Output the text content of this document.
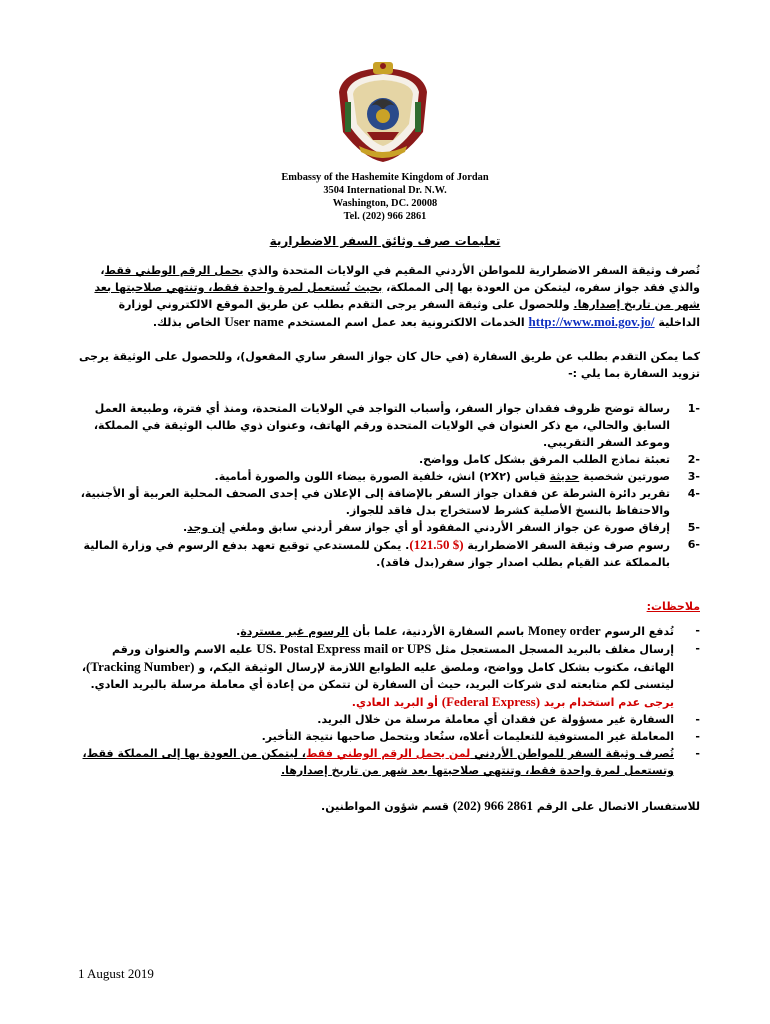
Embassy of the Hashemite Kingdom of Jordan
3504 International Dr. N.W.
Washington, DC. 20008
Tel. (202) 966 2861
تعليمات صرف وثائق السفر الاضطرارية
تُصرف وثيقة السفر الاضطرارية للمواطن الأردني المقيم في الولايات المتحدة والذي يحمل الرقم الوطني فقط، والذي فقد جواز سفره، ليتمكن من العودة بها إلى المملكة، بحيث تُستعمل لمرة واحدة فقط، وتنتهي صلاحيتها بعد شهر من تاريخ إصدارها. وللحصول على وثيقة السفر يرجى التقدم بطلب عن طريق الموقع الالكتروني لوزارة الداخلية http://www.moi.gov.jo/ الخدمات الالكترونية بعد عمل اسم المستخدم User name الخاص بذلك.
كما يمكن التقدم بطلب عن طريق السفارة (في حال كان جواز السفر ساري المفعول)، وللحصول على الوثيقة يرجى تزويد السفارة بما يلي :-
-1
رسالة توضح ظروف فقدان جواز السفر، وأسباب التواجد في الولايات المتحدة، ومنذ أي فترة، وطبيعة العمل السابق والحالي، مع ذكر العنوان في الولايات المتحدة ورقم الهاتف، وعنوان ذوي طالب الوثيقة في المملكة، وموعد السفر التقريبي.
-2
تعبئة نماذج الطلب المرفق بشكل كامل وواضح.
-3
صورتين شخصية حديثة قياس (٢X٢) انش، خلفية الصورة بيضاء اللون والصورة أمامية.
-4
تقرير دائرة الشرطة عن فقدان جواز السفر بالإضافة إلى الإعلان في إحدى الصحف المحلية العربية أو الأجنبية، والاحتفاظ بالنسخ الأصلية كشرط لاستخراج بدل فاقد للجواز.
-5
إرفاق صورة عن جواز السفر الأردني المفقود أو أي جواز سفر أردني سابق وملغي إن وجد.
-6
رسوم صرف وثيقة السفر الاضطرارية (121.50 $). يمكن للمستدعي توقيع تعهد بدفع الرسوم في وزارة المالية بالمملكة عند القيام بطلب اصدار جواز سفر(بدل فاقد).
ملاحظات:
-
تُدفع الرسوم Money order باسم السفارة الأردنية، علما بأن الرسوم غير مستردة.
-
إرسال مغلف بالبريد المسجل المستعجل مثل US. Postal Express mail or UPS عليه الاسم والعنوان ورقم الهاتف، مكتوب بشكل كامل وواضح، وملصق عليه الطوابع اللازمة لإرسال الوثيقة اليكم، و (Tracking Number)، ليتسنى لكم متابعته لدى شركات البريد، حيث أن السفارة لن تتمكن من إعادة أي معاملة مرسلة بالبريد العادي. يرجى عدم استخدام بريد (Federal Express) أو البريد العادي.
-
السفارة غير مسؤولة عن فقدان أي معاملة مرسلة من خلال البريد.
-
المعاملة غير المستوفية للتعليمات أعلاه، ستُعاد ويتحمل صاحبها نتيجة التأخير.
-
تُصرف وثيقة السفر للمواطن الأردني لمن يحمل الرقم الوطني فقط، ليتمكن من العودة بها إلى المملكة فقط، وتستعمل لمرة واحدة فقط، وتنتهي صلاحيتها بعد شهر من تاريخ إصدارها.
للاستفسار الاتصال على الرقم (202) 966 2861 قسم شؤون المواطنين.
1 August 2019
